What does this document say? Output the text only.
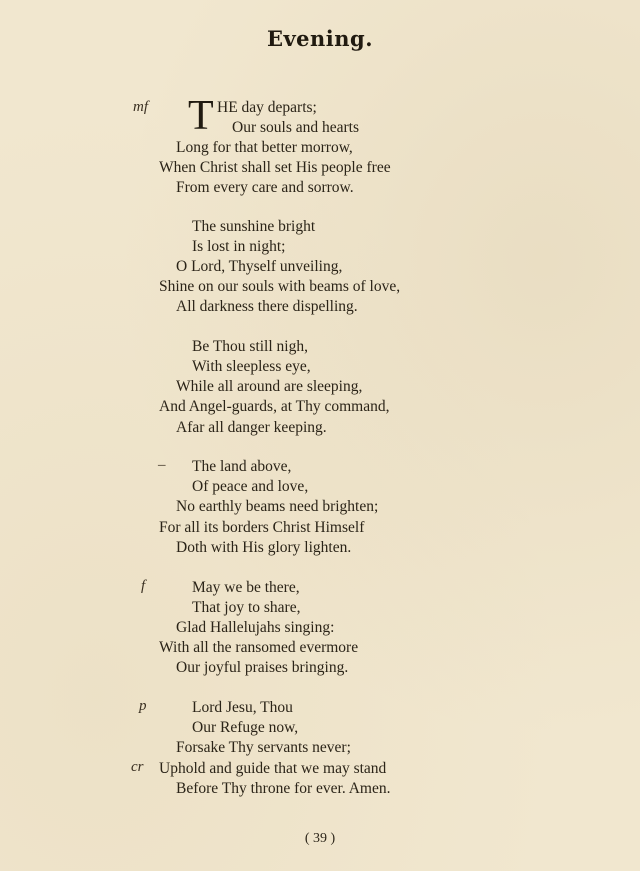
Evening.
mf
–
f
p
cr
T HE day departs;
Our souls and hearts
Long for that better morrow,
When Christ shall set His people free
From every care and sorrow.
The sunshine bright
Is lost in night;
O Lord, Thyself unveiling,
Shine on our souls with beams of love,
All darkness there dispelling.
Be Thou still nigh,
With sleepless eye,
While all around are sleeping,
And Angel-guards, at Thy command,
Afar all danger keeping.
The land above,
Of peace and love,
No earthly beams need brighten;
For all its borders Christ Himself
Doth with His glory lighten.
May we be there,
That joy to share,
Glad Hallelujahs singing:
With all the ransomed evermore
Our joyful praises bringing.
Lord Jesu, Thou
Our Refuge now,
Forsake Thy servants never;
Uphold and guide that we may stand
Before Thy throne for ever. Amen.
( 39 )
